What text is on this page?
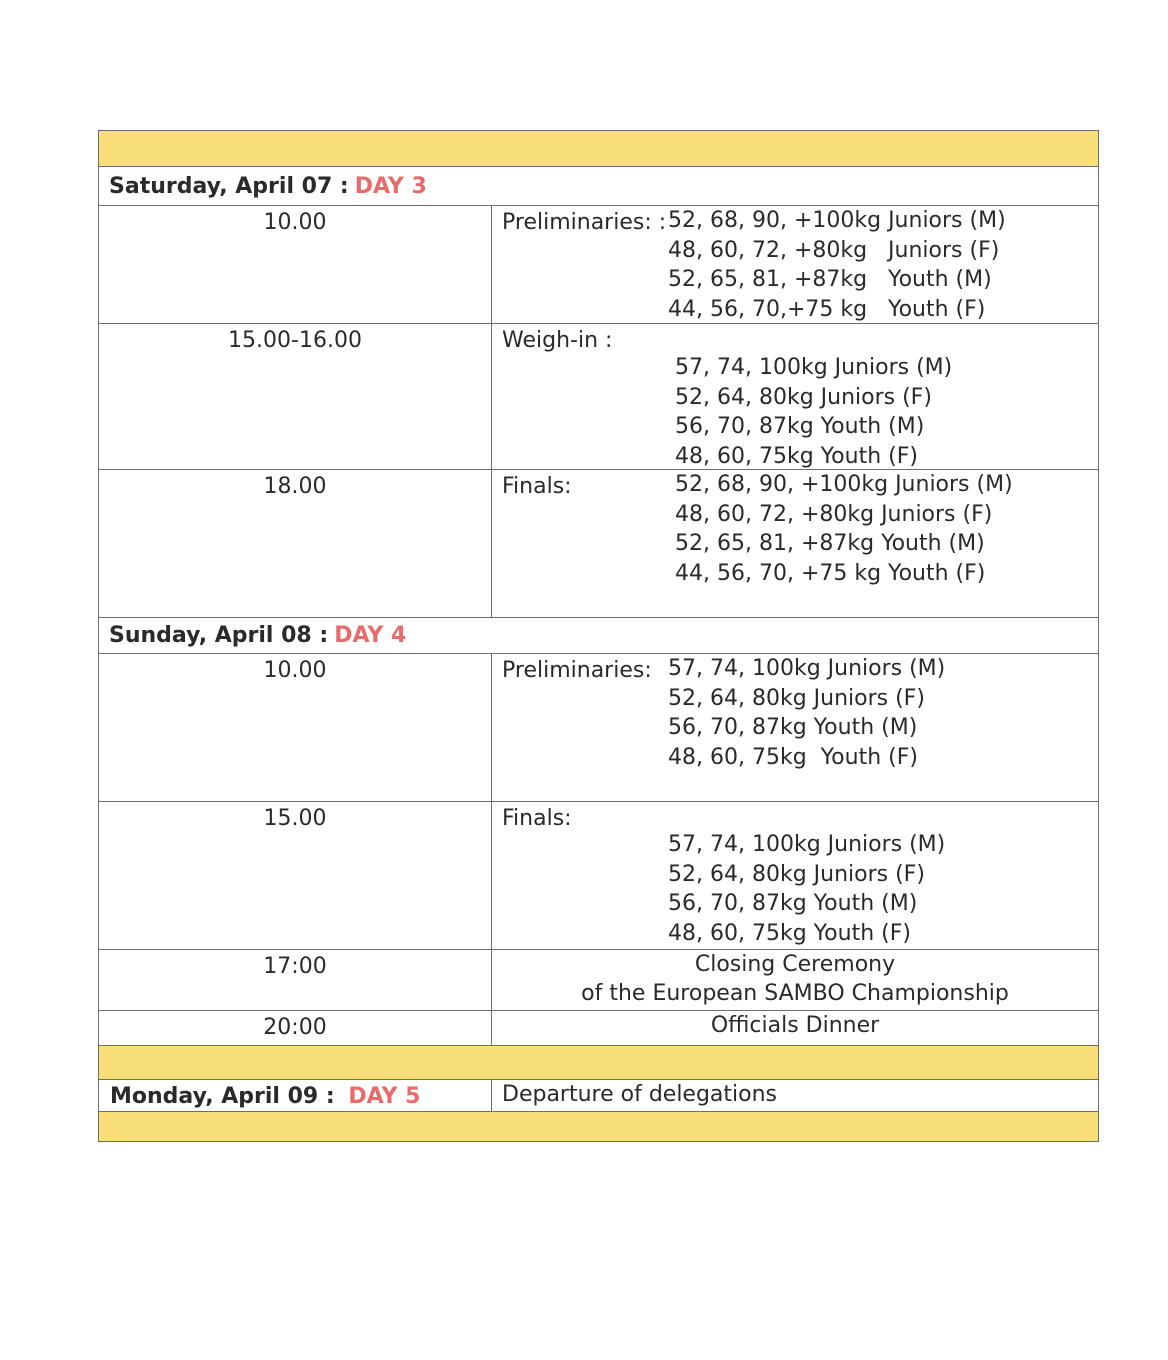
Saturday, April 07 : DAY 3
10.00	Preliminaries: : 52, 68, 90, +100kg Juniors (M)
48, 60, 72, +80kg   Juniors (F)
52, 65, 81, +87kg   Youth (M)
44, 56, 70,+75 kg   Youth (F)
15.00-16.00	Weigh-in :
57, 74, 100kg Juniors (M)
52, 64, 80kg Juniors (F)
56, 70, 87kg Youth (M)
48, 60, 75kg Youth (F)
18.00	Finals:	52, 68, 90, +100kg Juniors (M)
48, 60, 72, +80kg Juniors (F)
52, 65, 81, +87kg Youth (M)
44, 56, 70, +75 kg Youth (F)
Sunday, April 08 : DAY 4
10.00	Preliminaries: 57, 74, 100kg Juniors (M)
52, 64, 80kg Juniors (F)
56, 70, 87kg Youth (M)
48, 60, 75kg  Youth (F)
15.00	Finals:
57, 74, 100kg Juniors (M)
52, 64, 80kg Juniors (F)
56, 70, 87kg Youth (M)
48, 60, 75kg Youth (F)
17:00	Closing Ceremony
of the European SAMBO Championship
20:00	Officials Dinner
Monday, April 09 : DAY 5	Departure of delegations
